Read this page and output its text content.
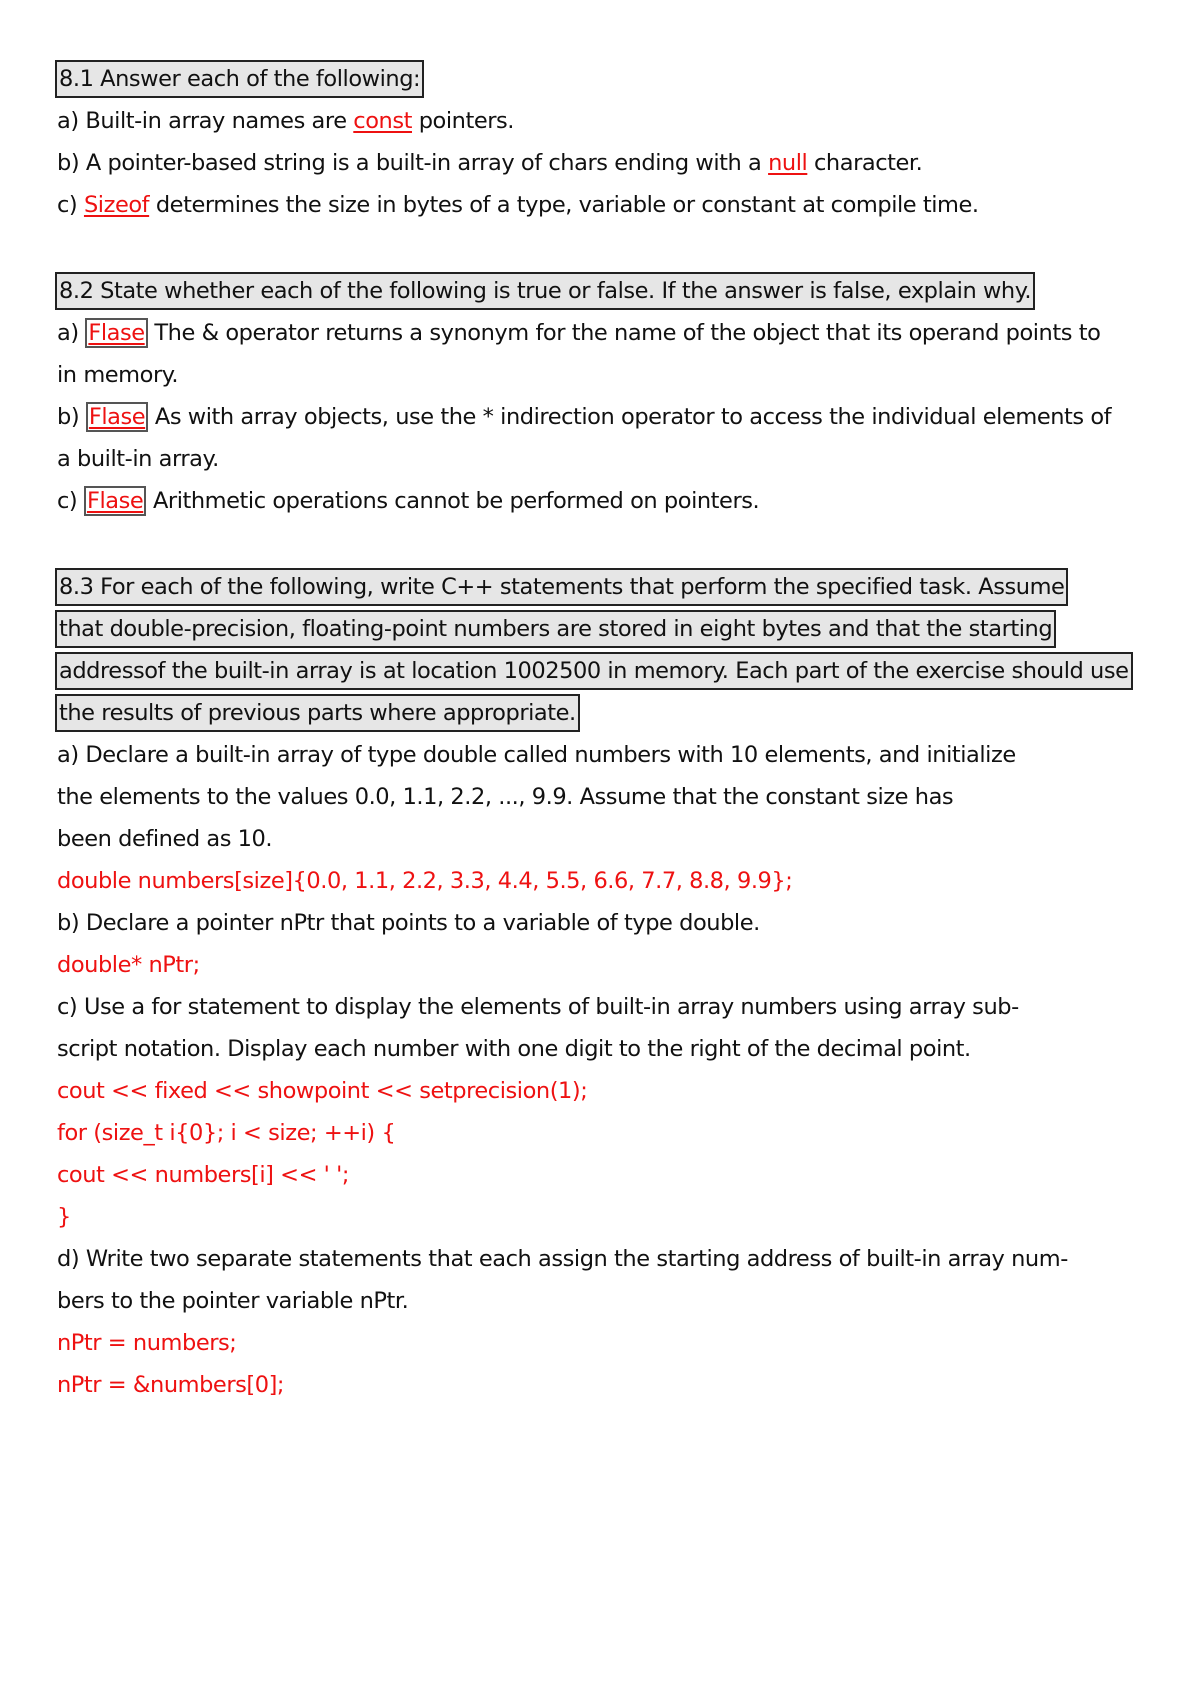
8.1 Answer each of the following:
a) Built-in array names are const pointers.
b) A pointer-based string is a built-in array of chars ending with a null character.
c) Sizeof determines the size in bytes of a type, variable or constant at compile time.
8.2 State whether each of the following is true or false. If the answer is false, explain why.
a) Flase The & operator returns a synonym for the name of the object that its operand points to
in memory.
b) Flase As with array objects, use the * indirection operator to access the individual elements of
a built-in array.
c) Flase Arithmetic operations cannot be performed on pointers.
8.3 For each of the following, write C++ statements that perform the specified task. Assume
that double-precision, floating-point numbers are stored in eight bytes and that the starting
addressof the built-in array is at location 1002500 in memory. Each part of the exercise should use
the results of previous parts where appropriate.
a) Declare a built-in array of type double called numbers with 10 elements, and initialize
the elements to the values 0.0, 1.1, 2.2, ..., 9.9. Assume that the constant size has
been defined as 10.
double numbers[size]{0.0, 1.1, 2.2, 3.3, 4.4, 5.5, 6.6, 7.7, 8.8, 9.9};
b) Declare a pointer nPtr that points to a variable of type double.
double* nPtr;
c) Use a for statement to display the elements of built-in array numbers using array sub-
script notation. Display each number with one digit to the right of the decimal point.
cout << fixed << showpoint << setprecision(1);
for (size_t i{0}; i < size; ++i) {
cout << numbers[i] << ' ';
}
d) Write two separate statements that each assign the starting address of built-in array num-
bers to the pointer variable nPtr.
nPtr = numbers;
nPtr = &numbers[0];
